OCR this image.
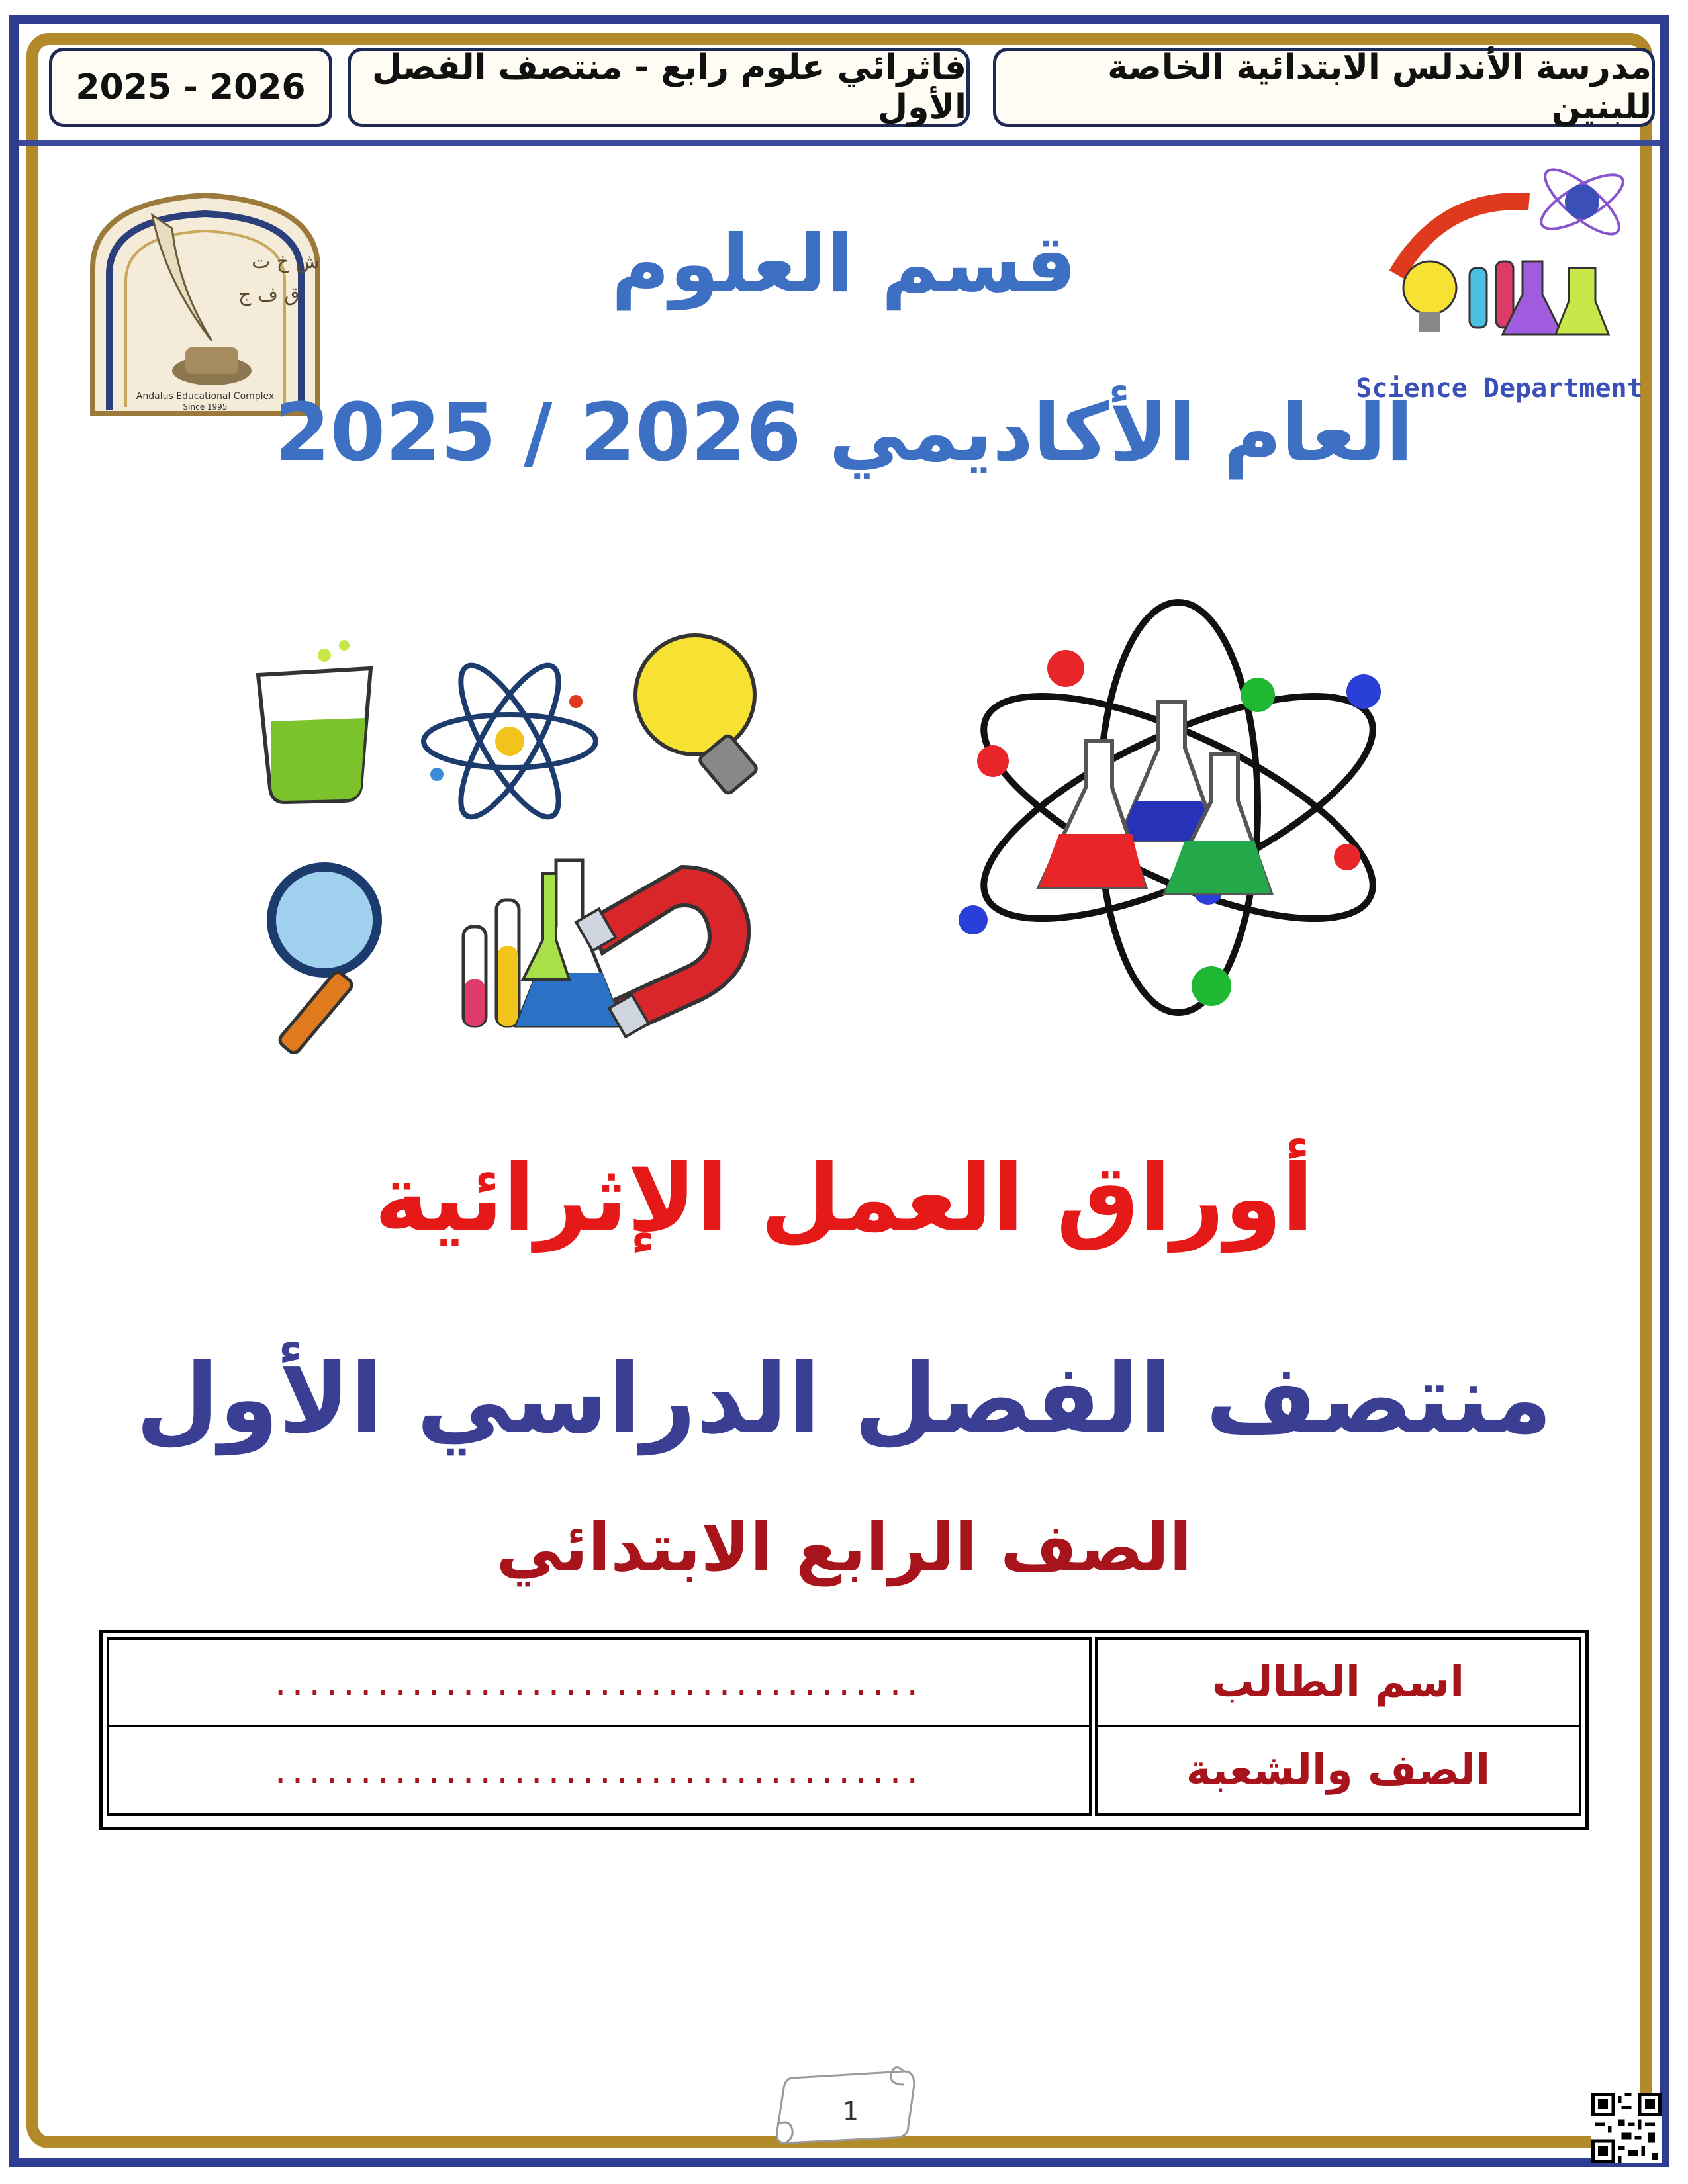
مدرسة الأندلس الابتدائية الخاصة للبنين
فاثرائي علوم رابع - منتصف الفصل الأول
2025 - 2026
ش خ ت
ق ف ج
Andalus Educational Complex
Since 1995
Science Department
قسم العلوم
العام الأكاديمي 2025 / 2026
أوراق العمل الإثرائية
منتصف الفصل الدراسي الأول
الصف الرابع الابتدائي
اسم الطالب
......................................
الصف والشعبة
......................................
1
